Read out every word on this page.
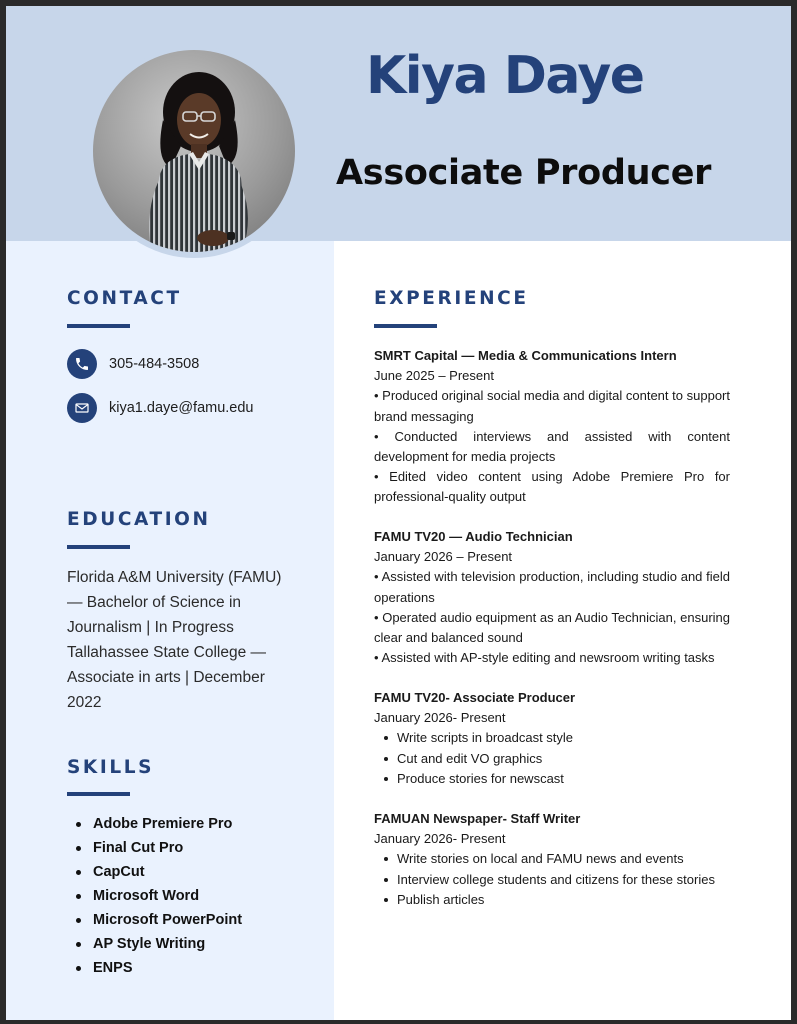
Kiya Daye
Associate Producer
CONTACT
305-484-3508
kiya1.daye@famu.edu
EDUCATION
Florida A&M University (FAMU)
— Bachelor of Science in
Journalism | In Progress
Tallahassee State College —
Associate in arts | December
2022
SKILLS
Adobe Premiere Pro
Final Cut Pro
CapCut
Microsoft Word
Microsoft PowerPoint
AP Style Writing
ENPS
EXPERIENCE
SMRT Capital — Media & Communications Intern
June 2025 – Present
• Produced original social media and digital content to support brand messaging
• Conducted interviews and assisted with content development for media projects
• Edited video content using Adobe Premiere Pro for professional-quality output
FAMU TV20 — Audio Technician
January 2026 – Present
• Assisted with television production, including studio and field operations
• Operated audio equipment as an Audio Technician, ensuring clear and balanced sound
• Assisted with AP-style editing and newsroom writing tasks
FAMU TV20- Associate Producer
January 2026- Present
Write scripts in broadcast style
Cut and edit VO graphics
Produce stories for newscast
FAMUAN Newspaper- Staff Writer
January 2026- Present
Write stories on local and FAMU news and events
Interview college students and citizens for these stories
Publish articles
